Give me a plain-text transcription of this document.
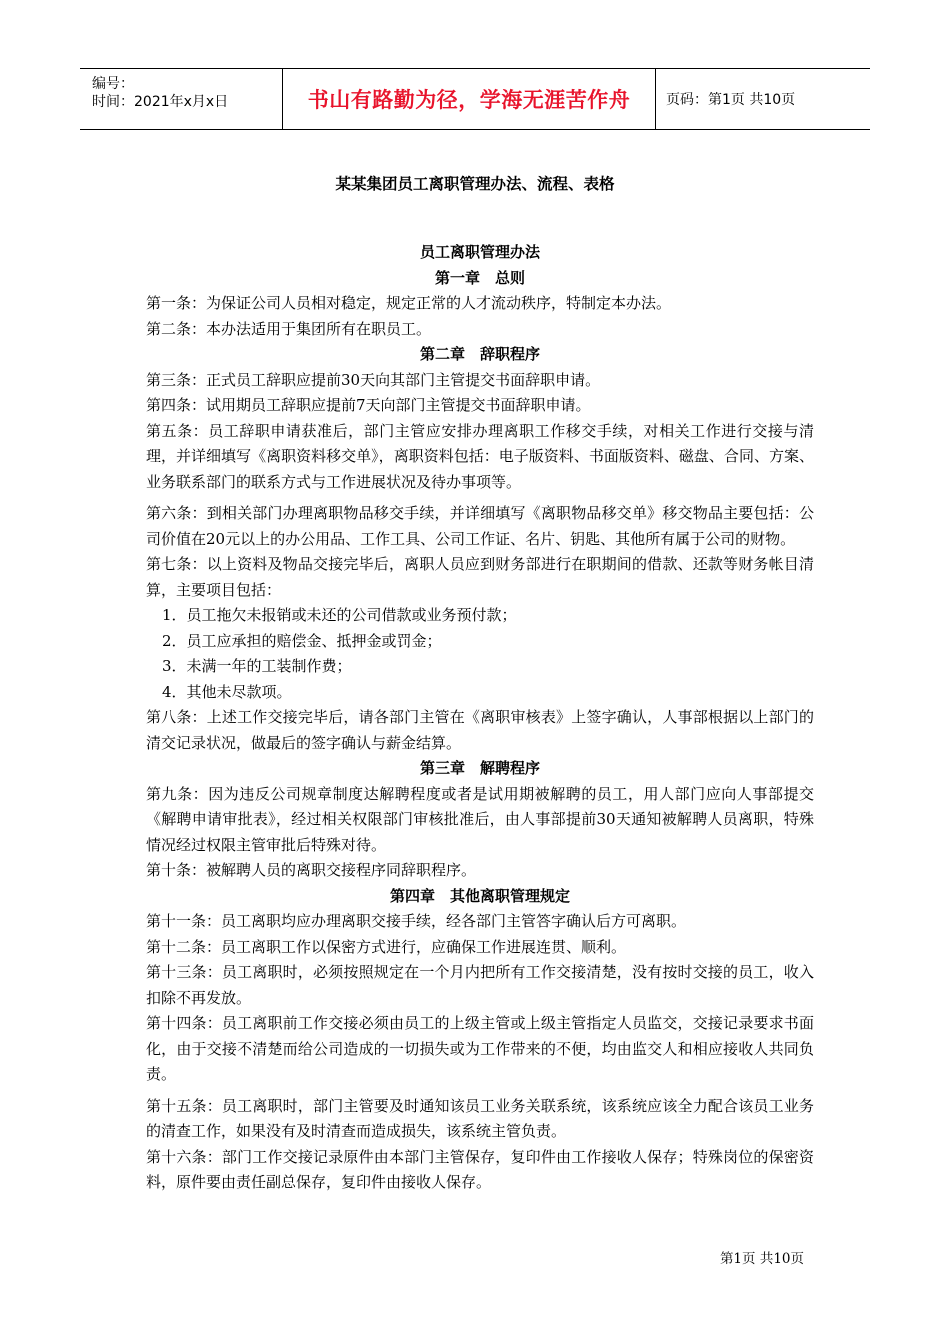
编号：
时间：2021年x月x日	书山有路勤为径，学海无涯苦作舟	页码：第1页 共10页
某某集团员工离职管理办法、流程、表格
员工离职管理办法
第一章　总则
第一条：为保证公司人员相对稳定，规定正常的人才流动秩序，特制定本办法。
第二条：本办法适用于集团所有在职员工。
第二章　辞职程序
第三条：正式员工辞职应提前30天向其部门主管提交书面辞职申请。
第四条：试用期员工辞职应提前7天向部门主管提交书面辞职申请。
第五条：员工辞职申请获准后，部门主管应安排办理离职工作移交手续，对相关工作进行交接与清理，并详细填写《离职资料移交单》，离职资料包括：电子版资料、书面版资料、磁盘、合同、方案、业务联系部门的联系方式与工作进展状况及待办事项等。
第六条：到相关部门办理离职物品移交手续，并详细填写《离职物品移交单》移交物品主要包括：公司价值在20元以上的办公用品、工作工具、公司工作证、名片、钥匙、其他所有属于公司的财物。
第七条：以上资料及物品交接完毕后，离职人员应到财务部进行在职期间的借款、还款等财务帐目清算，主要项目包括：
1．员工拖欠未报销或未还的公司借款或业务预付款；
2．员工应承担的赔偿金、抵押金或罚金；
3．未满一年的工装制作费；
4．其他未尽款项。
第八条：上述工作交接完毕后，请各部门主管在《离职审核表》上签字确认，人事部根据以上部门的清交记录状况，做最后的签字确认与薪金结算。
第三章　解聘程序
第九条：因为违反公司规章制度达解聘程度或者是试用期被解聘的员工，用人部门应向人事部提交《解聘申请审批表》，经过相关权限部门审核批准后，由人事部提前30天通知被解聘人员离职，特殊情况经过权限主管审批后特殊对待。
第十条：被解聘人员的离职交接程序同辞职程序。
第四章　其他离职管理规定
第十一条：员工离职均应办理离职交接手续，经各部门主管答字确认后方可离职。
第十二条：员工离职工作以保密方式进行，应确保工作进展连贯、顺利。
第十三条：员工离职时，必须按照规定在一个月内把所有工作交接清楚，没有按时交接的员工，收入扣除不再发放。
第十四条：员工离职前工作交接必须由员工的上级主管或上级主管指定人员监交，交接记录要求书面化，由于交接不清楚而给公司造成的一切损失或为工作带来的不便，均由监交人和相应接收人共同负责。
第十五条：员工离职时，部门主管要及时通知该员工业务关联系统，该系统应该全力配合该员工业务的清查工作，如果没有及时清查而造成损失，该系统主管负责。
第十六条：部门工作交接记录原件由本部门主管保存，复印件由工作接收人保存；特殊岗位的保密资料，原件要由责任副总保存，复印件由接收人保存。
第1页 共10页
